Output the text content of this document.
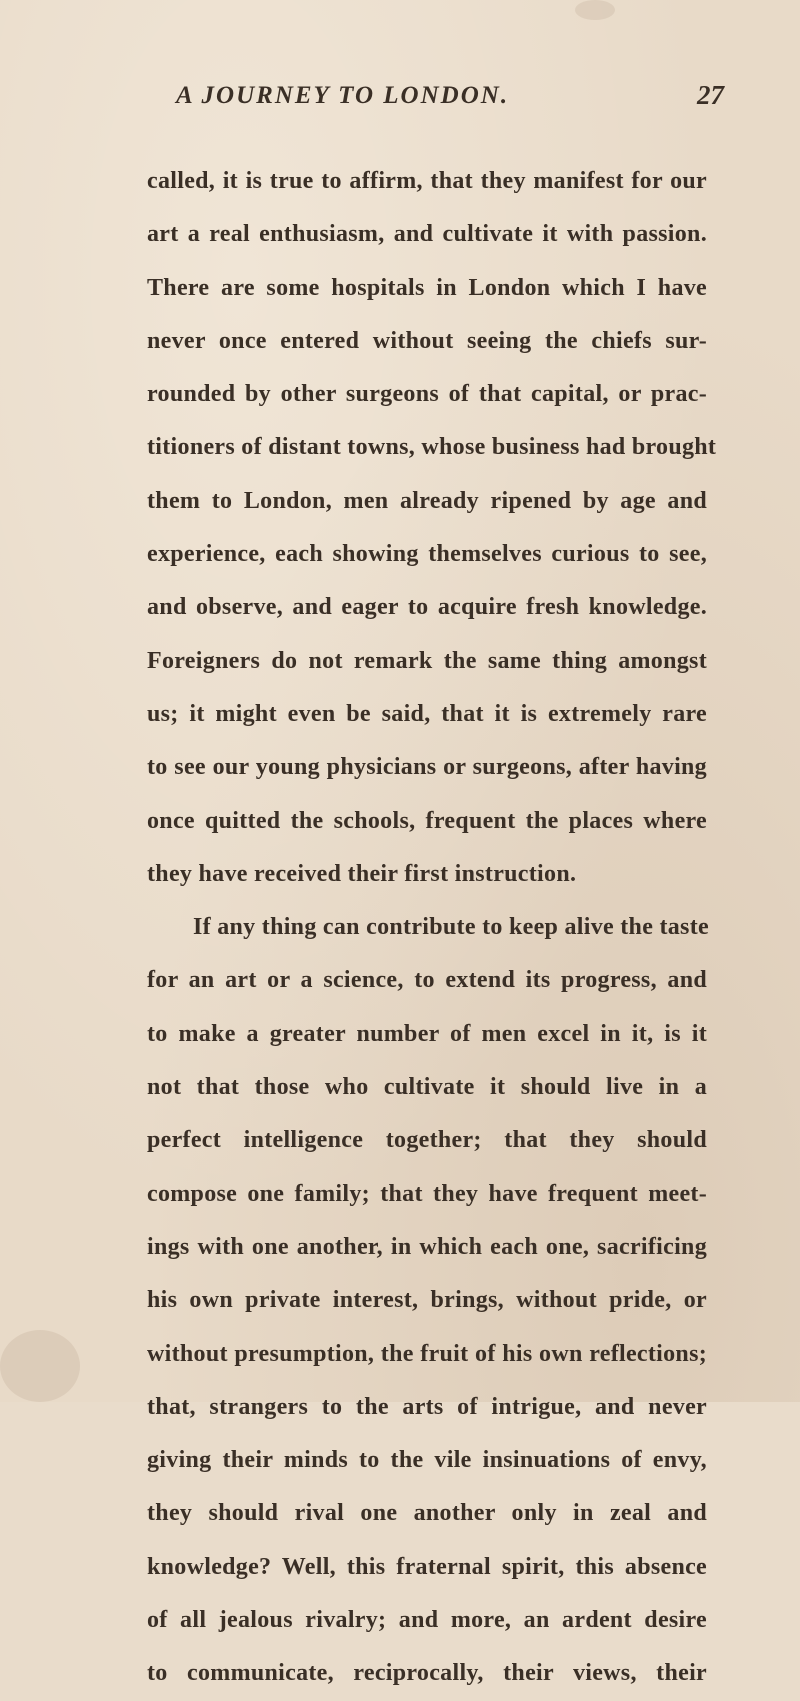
A JOURNEY TO LONDON.	27
called, it is true to affirm, that they manifest for our
art a real enthusiasm, and cultivate it with passion.
There are some hospitals in London which I have
never once entered without seeing the chiefs sur-
rounded by other surgeons of that capital, or prac-
titioners of distant towns, whose business had brought
them to London, men already ripened by age and
experience, each showing themselves curious to see,
and observe, and eager to acquire fresh knowledge.
Foreigners do not remark the same thing amongst
us; it might even be said, that it is extremely rare
to see our young physicians or surgeons, after having
once quitted the schools, frequent the places where
they have received their first instruction.
If any thing can contribute to keep alive the taste
for an art or a science, to extend its progress, and
to make a greater number of men excel in it, is it
not that those who cultivate it should live in a
perfect intelligence together; that they should
compose one family; that they have frequent meet-
ings with one another, in which each one, sacrificing
his own private interest, brings, without pride, or
without presumption, the fruit of his own reflections;
that, strangers to the arts of intrigue, and never
giving their minds to the vile insinuations of envy,
they should rival one another only in zeal and
knowledge? Well, this fraternal spirit, this absence
of all jealous rivalry; and more, an ardent desire
to communicate, reciprocally, their views, their
